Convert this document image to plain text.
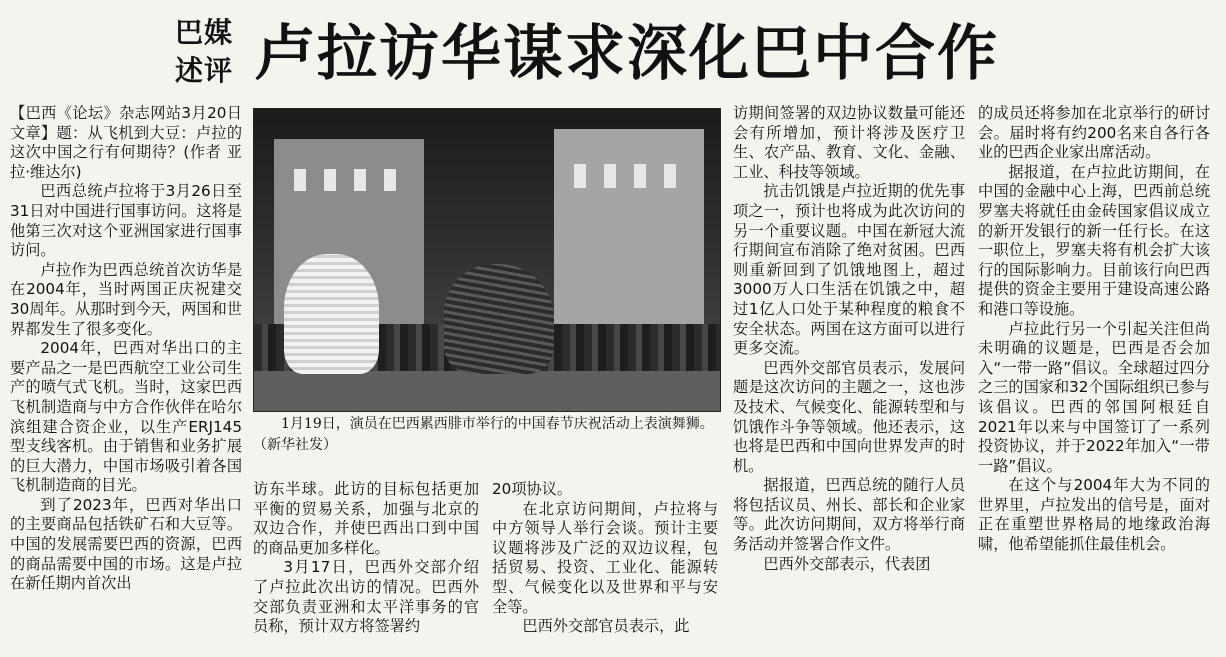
巴媒
述评 卢拉访华谋求深化巴中合作

【巴西《论坛》杂志网站3月20日文章】题：从飞机到大豆：卢拉的这次中国之行有何期待？(作者 亚拉·维达尔)

巴西总统卢拉将于3月26日至31日对中国进行国事访问。这将是他第三次对这个亚洲国家进行国事访问。

卢拉作为巴西总统首次访华是在2004年，当时两国正庆祝建交30周年。从那时到今天，两国和世界都发生了很多变化。

2004年，巴西对华出口的主要产品之一是巴西航空工业公司生产的喷气式飞机。当时，这家巴西飞机制造商与中方合作伙伴在哈尔滨组建合资企业，以生产ERJ145型支线客机。由于销售和业务扩展的巨大潜力，中国市场吸引着各国飞机制造商的目光。

到了2023年，巴西对华出口的主要商品包括铁矿石和大豆等。中国的发展需要巴西的资源，巴西的商品需要中国的市场。这是卢拉在新任期内首次出

1月19日，演员在巴西累西腓市举行的中国春节庆祝活动上表演舞狮。（新华社发）

访东半球。此访的目标包括更加平衡的贸易关系，加强与北京的双边合作，并使巴西出口到中国的商品更加多样化。

3月17日，巴西外交部介绍了卢拉此次出访的情况。巴西外交部负责亚洲和太平洋事务的官员称，预计双方将签署约

20项协议。

在北京访问期间，卢拉将与中方领导人举行会谈。预计主要议题将涉及广泛的双边议程，包括贸易、投资、工业化、能源转型、气候变化以及世界和平与安全等。

巴西外交部官员表示，此

访期间签署的双边协议数量可能还会有所增加，预计将涉及医疗卫生、农产品、教育、文化、金融、工业、科技等领域。

抗击饥饿是卢拉近期的优先事项之一，预计也将成为此次访问的另一个重要议题。中国在新冠大流行期间宣布消除了绝对贫困。巴西则重新回到了饥饿地图上，超过3000万人口生活在饥饿之中，超过1亿人口处于某种程度的粮食不安全状态。两国在这方面可以进行更多交流。

巴西外交部官员表示，发展问题是这次访问的主题之一，这也涉及技术、气候变化、能源转型和与饥饿作斗争等领域。他还表示，这也将是巴西和中国向世界发声的时机。

据报道，巴西总统的随行人员将包括议员、州长、部长和企业家等。此次访问期间，双方将举行商务活动并签署合作文件。

巴西外交部表示，代表团

的成员还将参加在北京举行的研讨会。届时将有约200名来自各行各业的巴西企业家出席活动。

据报道，在卢拉此访期间，在中国的金融中心上海，巴西前总统罗塞夫将就任由金砖国家倡议成立的新开发银行的新一任行长。在这一职位上，罗塞夫将有机会扩大该行的国际影响力。目前该行向巴西提供的资金主要用于建设高速公路和港口等设施。

卢拉此行另一个引起关注但尚未明确的议题是，巴西是否会加入“一带一路”倡议。全球超过四分之三的国家和32个国际组织已参与该倡议。巴西的邻国阿根廷自2021年以来与中国签订了一系列投资协议，并于2022年加入“一带一路”倡议。

在这个与2004年大为不同的世界里，卢拉发出的信号是，面对正在重塑世界格局的地缘政治海啸，他希望能抓住最佳机会。
